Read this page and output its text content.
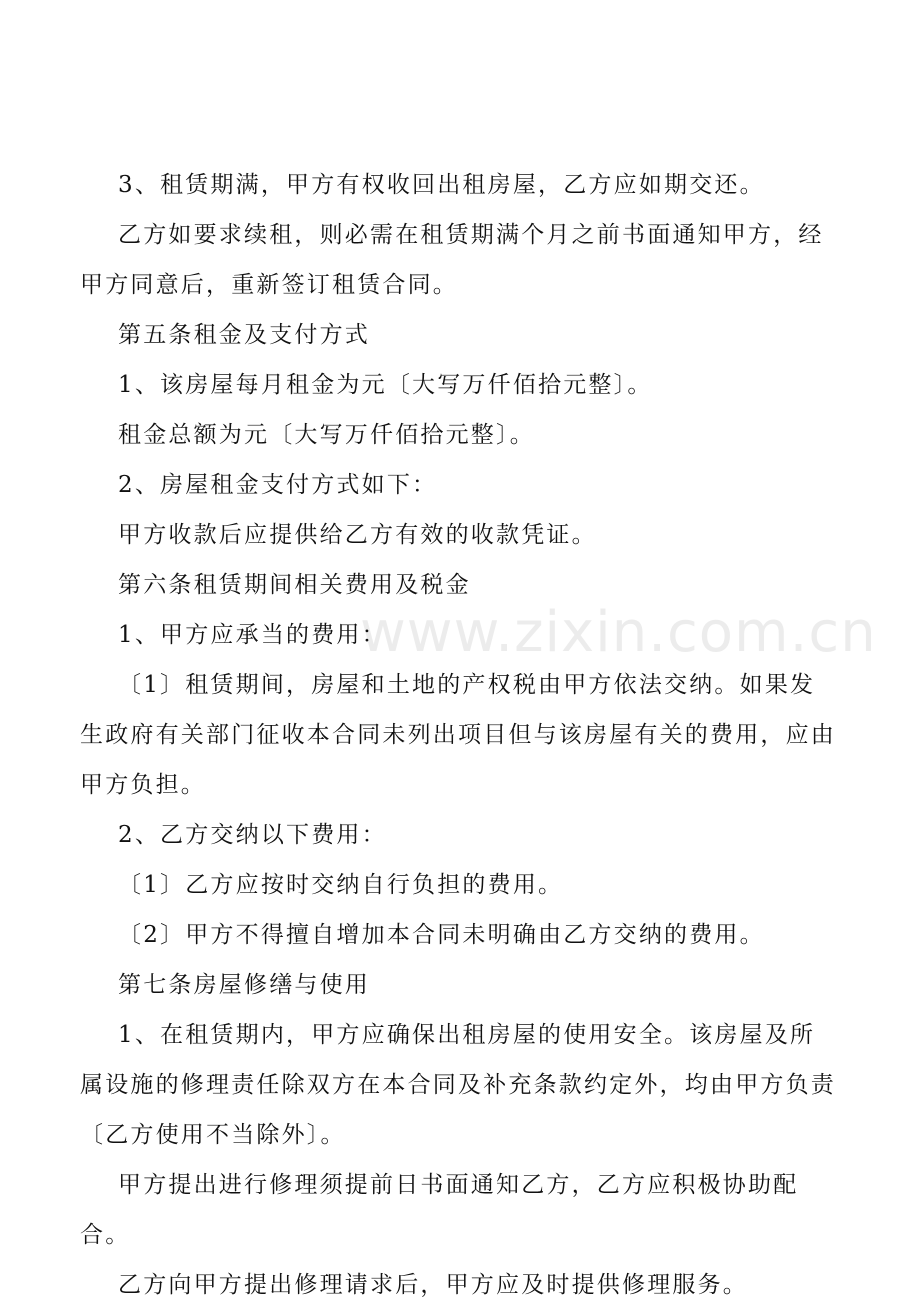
www.zixin.com.cn

3、租赁期满，甲方有权收回出租房屋，乙方应如期交还。

乙方如要求续租，则必需在租赁期满个月之前书面通知甲方，经甲方同意后，重新签订租赁合同。

第五条租金及支付方式

1、该房屋每月租金为元〔大写万仟佰拾元整〕。

租金总额为元〔大写万仟佰拾元整〕。

2、房屋租金支付方式如下：

甲方收款后应提供给乙方有效的收款凭证。

第六条租赁期间相关费用及税金

1、甲方应承当的费用：

〔1〕租赁期间，房屋和土地的产权税由甲方依法交纳。如果发生政府有关部门征收本合同未列出项目但与该房屋有关的费用，应由甲方负担。

2、乙方交纳以下费用：

〔1〕乙方应按时交纳自行负担的费用。

〔2〕甲方不得擅自增加本合同未明确由乙方交纳的费用。

第七条房屋修缮与使用

1、在租赁期内，甲方应确保出租房屋的使用安全。该房屋及所属设施的修理责任除双方在本合同及补充条款约定外，均由甲方负责〔乙方使用不当除外〕。

甲方提出进行修理须提前日书面通知乙方，乙方应积极协助配合。

乙方向甲方提出修理请求后，甲方应及时提供修理服务。
